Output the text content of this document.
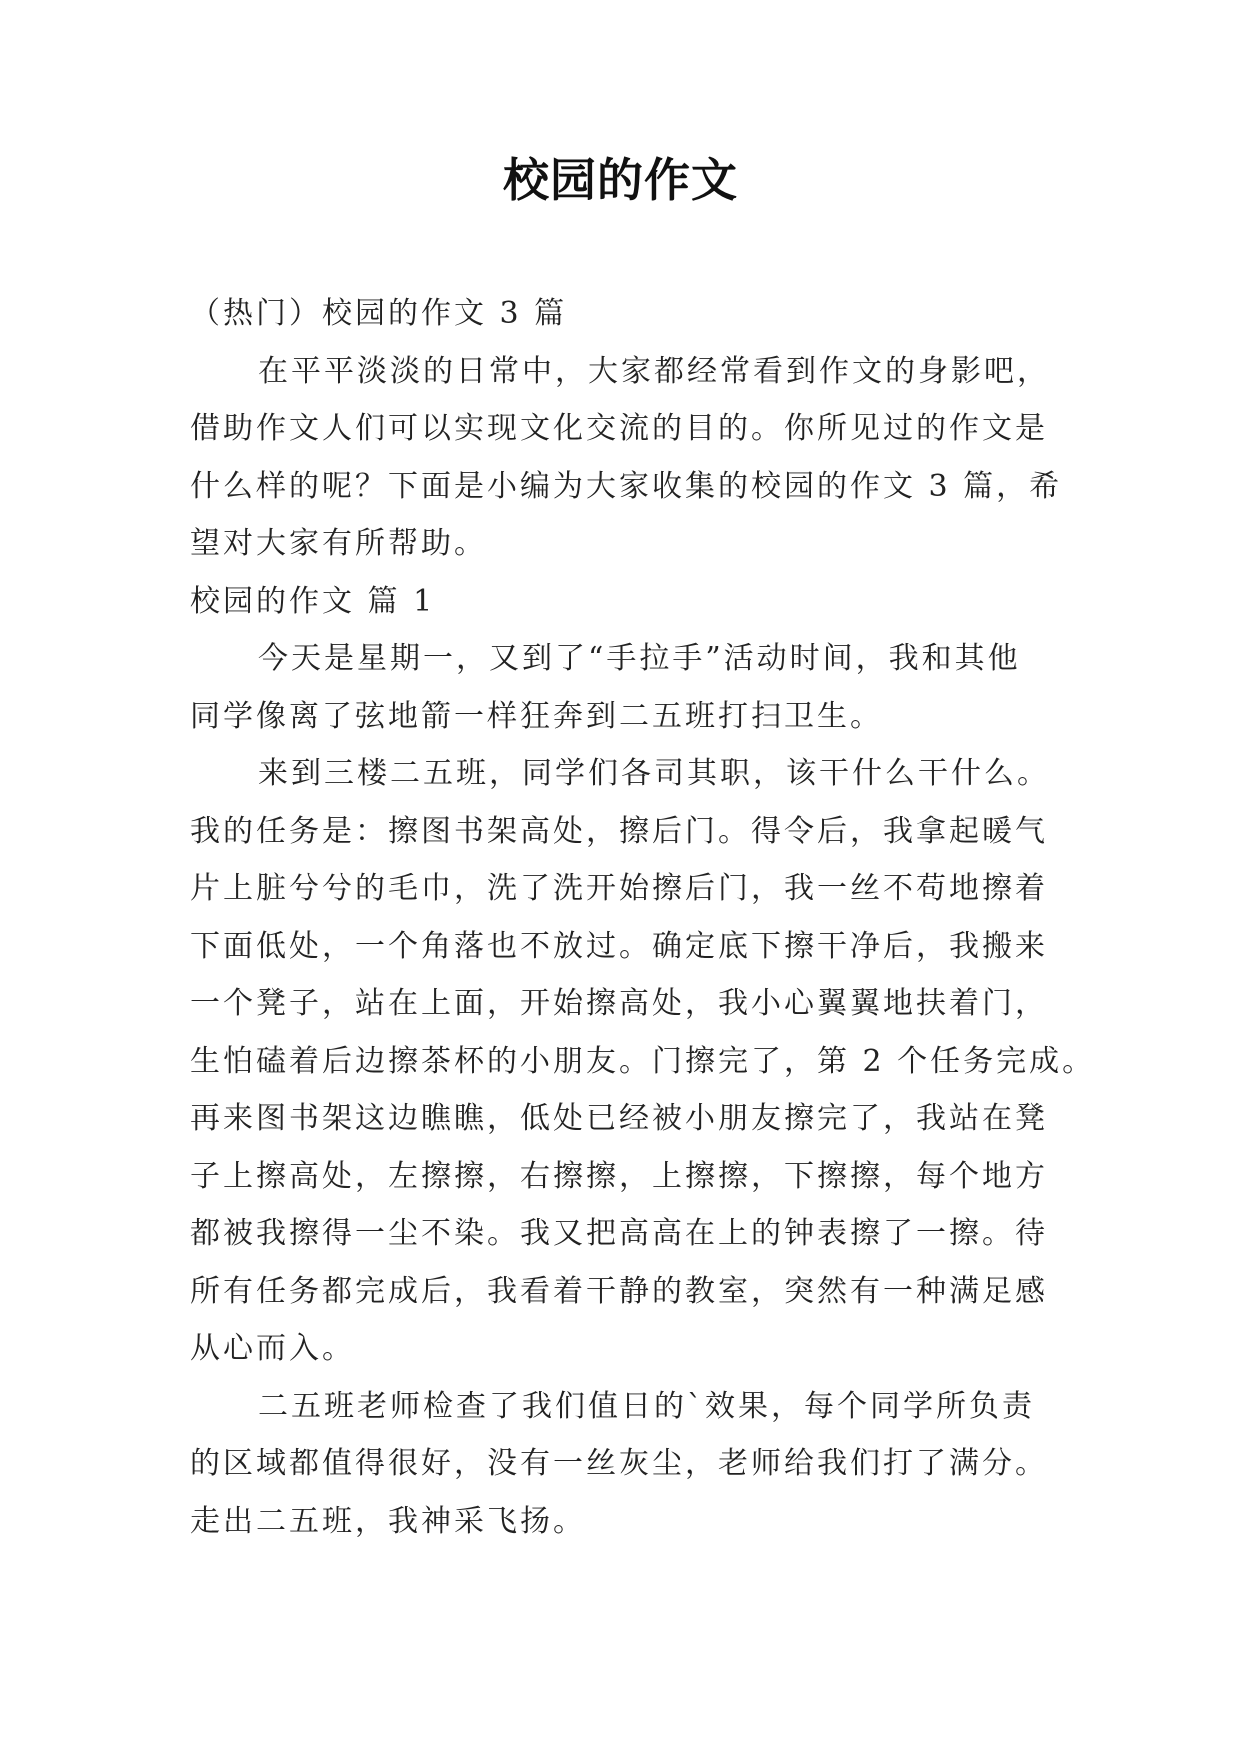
校园的作文
（热门）校园的作文 3 篇
在平平淡淡的日常中，大家都经常看到作文的身影吧，
借助作文人们可以实现文化交流的目的。你所见过的作文是
什么样的呢？下面是小编为大家收集的校园的作文 3 篇，希
望对大家有所帮助。
校园的作文 篇 1
今天是星期一，又到了“手拉手”活动时间，我和其他
同学像离了弦地箭一样狂奔到二五班打扫卫生。
来到三楼二五班，同学们各司其职，该干什么干什么。
我的任务是：擦图书架高处，擦后门。得令后，我拿起暖气
片上脏兮兮的毛巾，洗了洗开始擦后门，我一丝不苟地擦着
下面低处，一个角落也不放过。确定底下擦干净后，我搬来
一个凳子，站在上面，开始擦高处，我小心翼翼地扶着门，
生怕磕着后边擦茶杯的小朋友。门擦完了，第 2 个任务完成。
再来图书架这边瞧瞧，低处已经被小朋友擦完了，我站在凳
子上擦高处，左擦擦，右擦擦，上擦擦，下擦擦，每个地方
都被我擦得一尘不染。我又把高高在上的钟表擦了一擦。待
所有任务都完成后，我看着干静的教室，突然有一种满足感
从心而入。
二五班老师检查了我们值日的`效果，每个同学所负责
的区域都值得很好，没有一丝灰尘，老师给我们打了满分。
走出二五班，我神采飞扬。
